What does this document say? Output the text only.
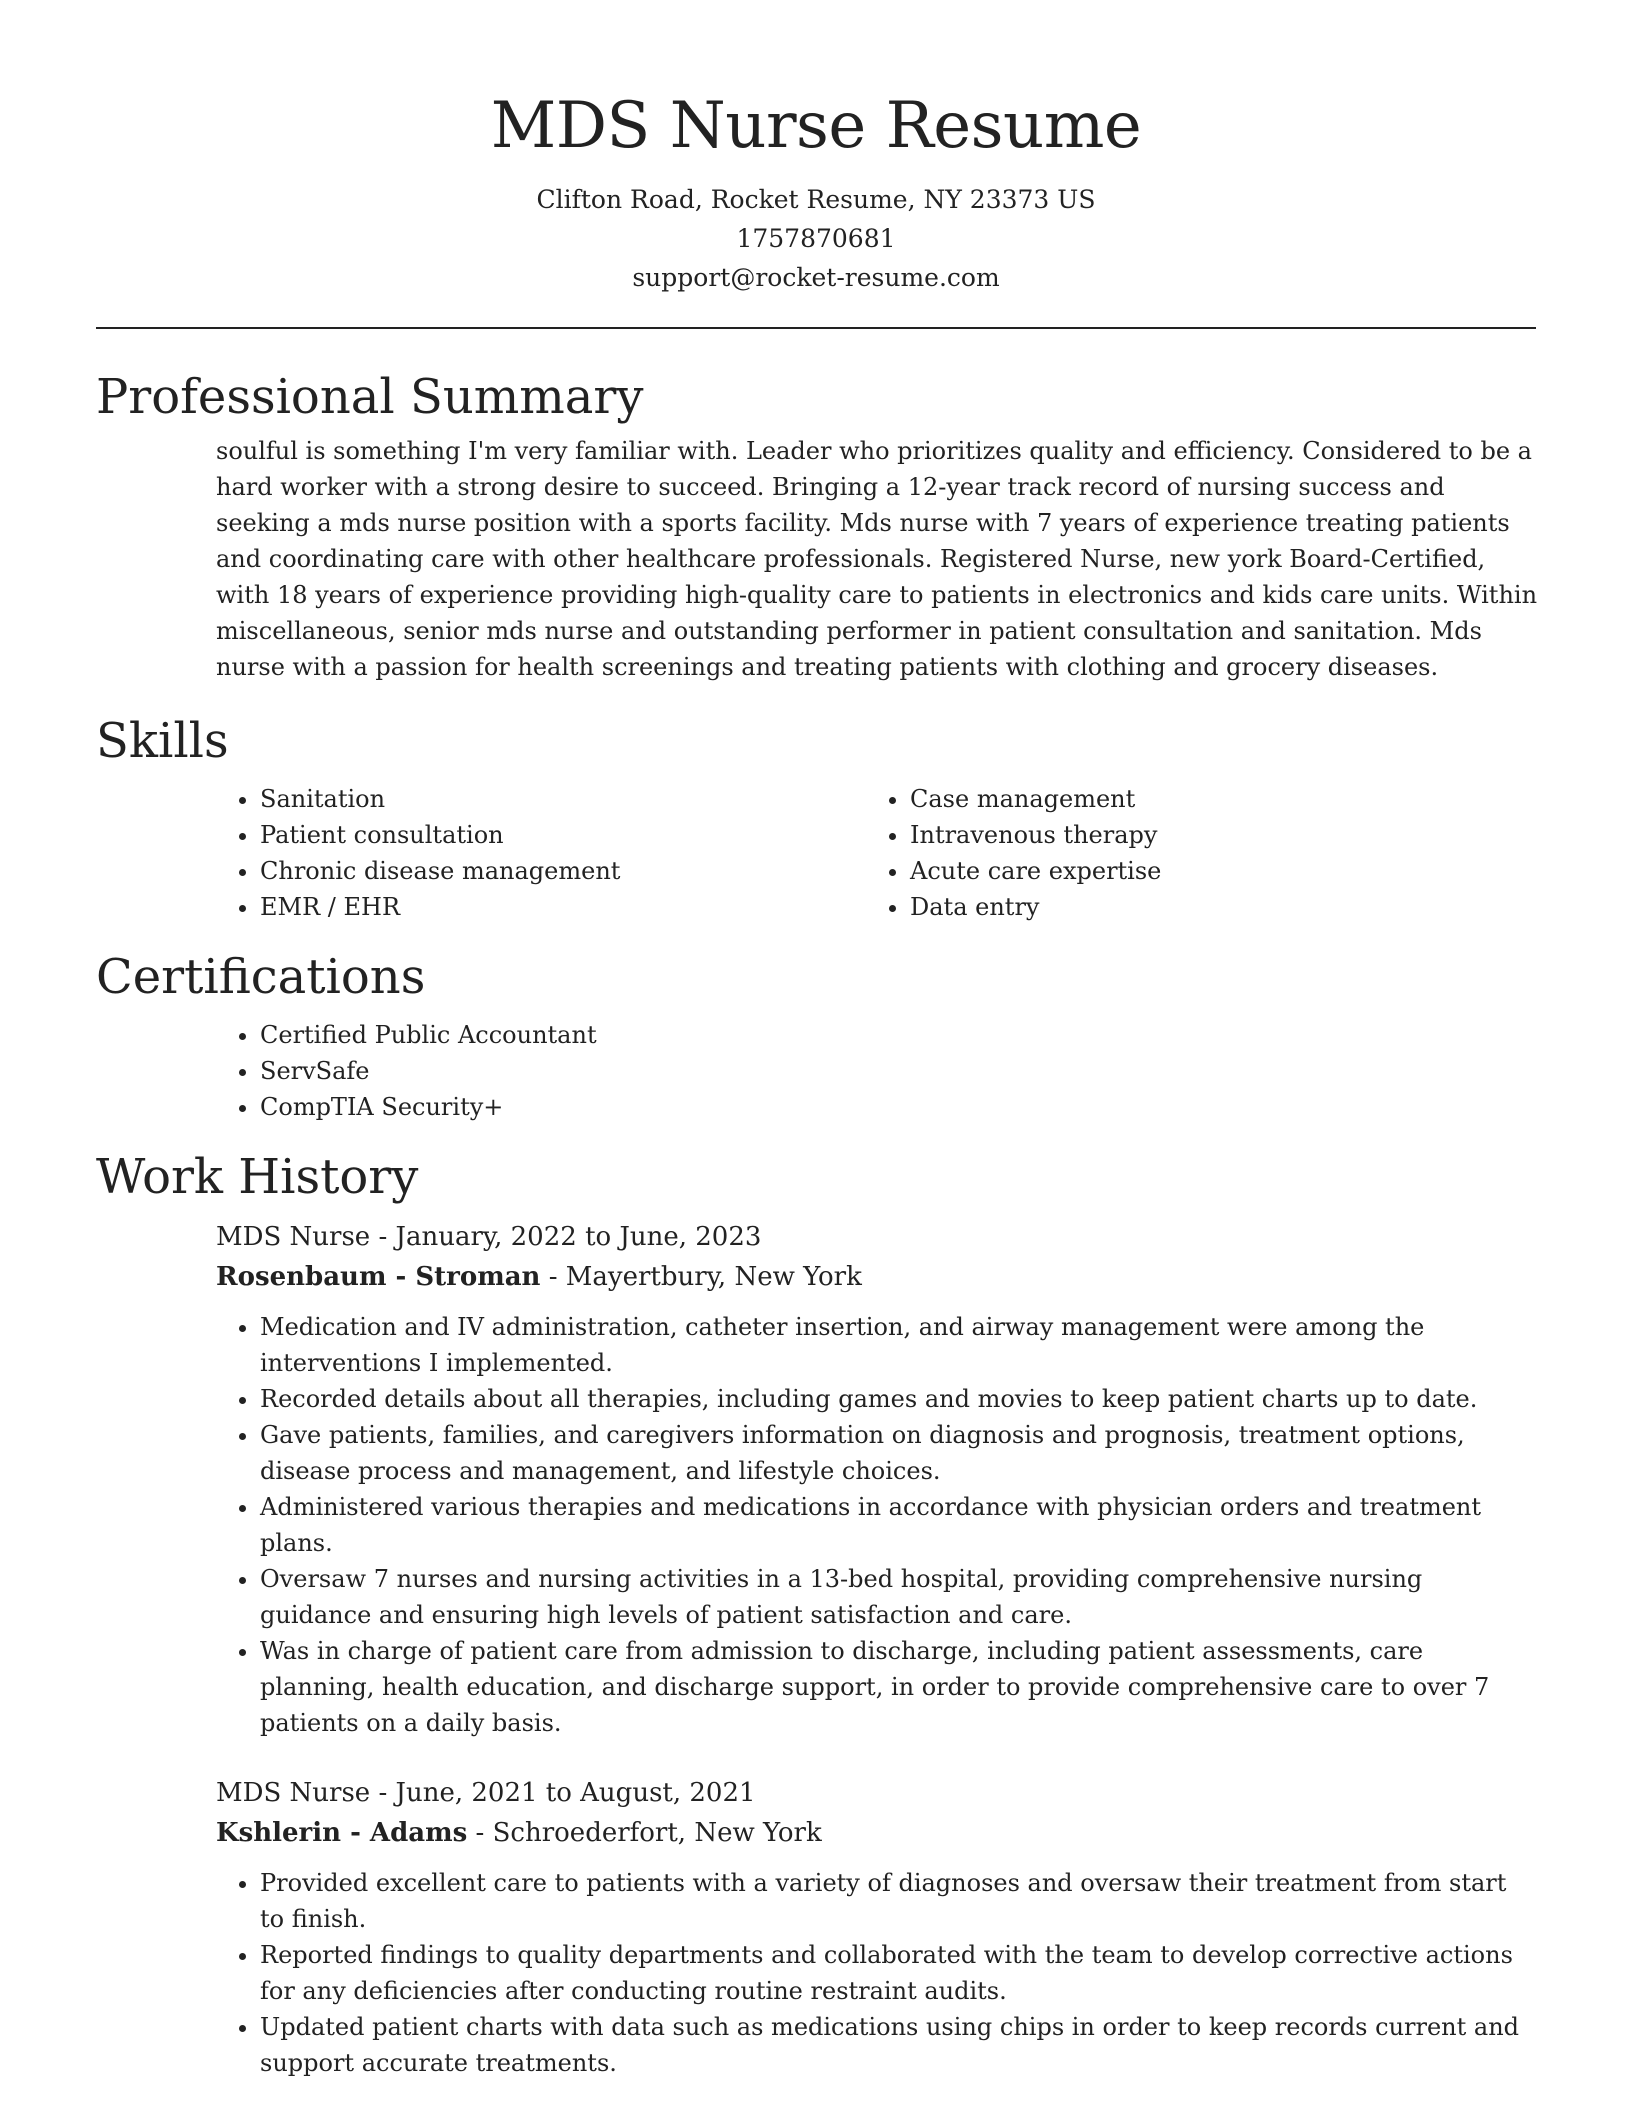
MDS Nurse Resume
Clifton Road, Rocket Resume, NY 23373 US
1757870681
support@rocket-resume.com
Professional Summary

soulful is something I'm very familiar with. Leader who prioritizes quality and efficiency. Considered to be a hard worker with a strong desire to succeed. Bringing a 12-year track record of nursing success and seeking a mds nurse position with a sports facility. Mds nurse with 7 years of experience treating patients and coordinating care with other healthcare professionals. Registered Nurse, new york Board-Certified, with 18 years of experience providing high-quality care to patients in electronics and kids care units. Within miscellaneous, senior mds nurse and outstanding performer in patient consultation and sanitation. Mds nurse with a passion for health screenings and treating patients with clothing and grocery diseases.

Skills
• Sanitation
• Patient consultation
• Chronic disease management
• EMR / EHR
• Case management
• Intravenous therapy
• Acute care expertise
• Data entry
Certifications
• Certified Public Accountant
• ServSafe
• CompTIA Security+
Work History

MDS Nurse - January, 2022 to June, 2023

Rosenbaum - Stroman - Mayertbury, New York

• Medication and IV administration, catheter insertion, and airway management were among the interventions I implemented.
• Recorded details about all therapies, including games and movies to keep patient charts up to date.
• Gave patients, families, and caregivers information on diagnosis and prognosis, treatment options, disease process and management, and lifestyle choices.
• Administered various therapies and medications in accordance with physician orders and treatment plans.
• Oversaw 7 nurses and nursing activities in a 13-bed hospital, providing comprehensive nursing guidance and ensuring high levels of patient satisfaction and care.
• Was in charge of patient care from admission to discharge, including patient assessments, care planning, health education, and discharge support, in order to provide comprehensive care to over 7 patients on a daily basis.

MDS Nurse - June, 2021 to August, 2021

Kshlerin - Adams - Schroederfort, New York

• Provided excellent care to patients with a variety of diagnoses and oversaw their treatment from start to finish.
• Reported findings to quality departments and collaborated with the team to develop corrective actions for any deficiencies after conducting routine restraint audits.
• Updated patient charts with data such as medications using chips in order to keep records current and support accurate treatments.
